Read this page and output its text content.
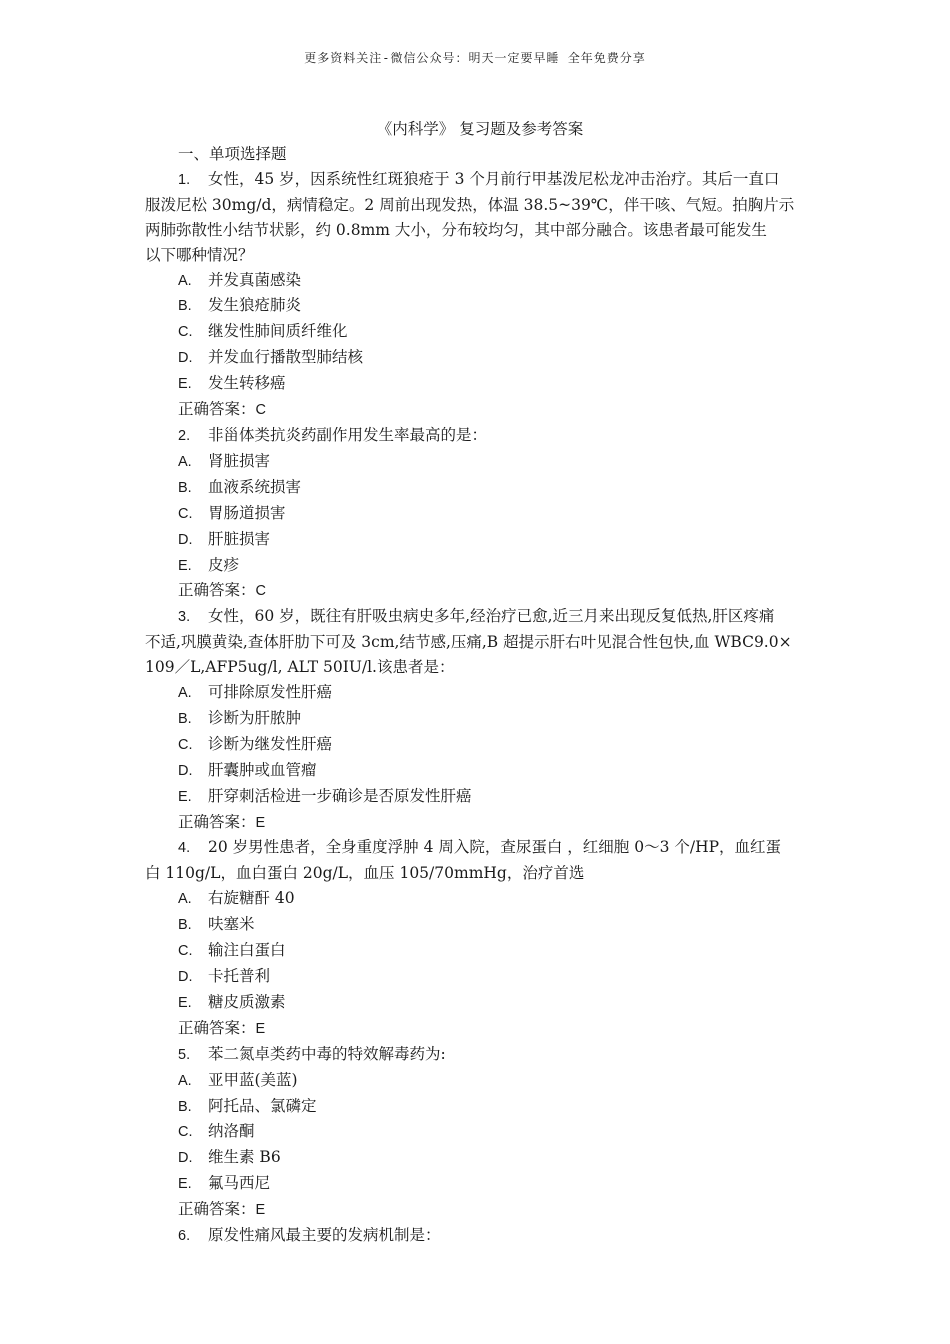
更多资料关注-微信公众号：明天一定要早睡 全年免费分享
《内科学》 复习题及参考答案
一、单项选择题
1. 女性，45 岁，因系统性红斑狼疮于 3 个月前行甲基泼尼松龙冲击治疗。其后一直口
服泼尼松 30mg/d，病情稳定。2 周前出现发热，体温 38.5~39℃，伴干咳、气短。拍胸片示
两肺弥散性小结节状影，约 0.8mm 大小，分布较均匀，其中部分融合。该患者最可能发生
以下哪种情况？
A. 并发真菌感染
B. 发生狼疮肺炎
C. 继发性肺间质纤维化
D. 并发血行播散型肺结核
E. 发生转移癌
正确答案：C
2. 非甾体类抗炎药副作用发生率最高的是：
A. 肾脏损害
B. 血液系统损害
C. 胃肠道损害
D. 肝脏损害
E. 皮疹
正确答案：C
3. 女性，60 岁，既往有肝吸虫病史多年,经治疗已愈,近三月来出现反复低热,肝区疼痛
不适,巩膜黄染,查体肝肋下可及 3cm,结节感,压痛,B 超提示肝右叶见混合性包快,血 WBC9.0×
109／L,AFP5ug/l, ALT 50IU/l.该患者是：
A. 可排除原发性肝癌
B. 诊断为肝脓肿
C. 诊断为继发性肝癌
D. 肝囊肿或血管瘤
E. 肝穿刺活检进一步确诊是否原发性肝癌
正确答案：E
4. 20 岁男性患者，全身重度浮肿 4 周入院，查尿蛋白 ，红细胞 0～3 个/HP，血红蛋
白 110g/L，血白蛋白 20g/L，血压 105/70mmHg，治疗首选
A. 右旋糖酐 40
B. 呋塞米
C. 输注白蛋白
D. 卡托普利
E. 糖皮质激素
正确答案：E
5. 苯二氮卓类药中毒的特效解毒药为:
A. 亚甲蓝(美蓝)
B. 阿托品、氯磷定
C. 纳洛酮
D. 维生素 B6
E. 氟马西尼
正确答案：E
6. 原发性痛风最主要的发病机制是：
